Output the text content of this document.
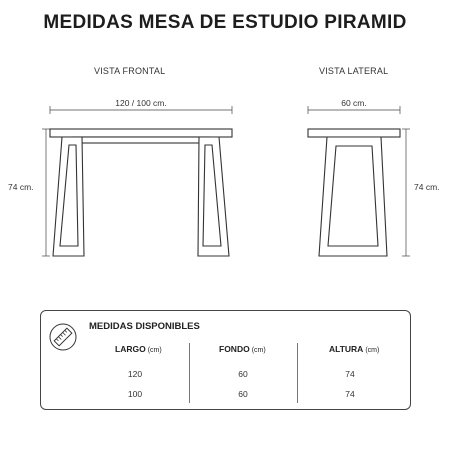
MEDIDAS MESA DE ESTUDIO PIRAMID
VISTA FRONTAL	VISTA LATERAL
120 / 100 cm.
74 cm.
60 cm.
74 cm.
MEDIDAS DISPONIBLES
LARGO (cm)	FONDO (cm)	ALTURA (cm)
120	60	74
100	60	74
